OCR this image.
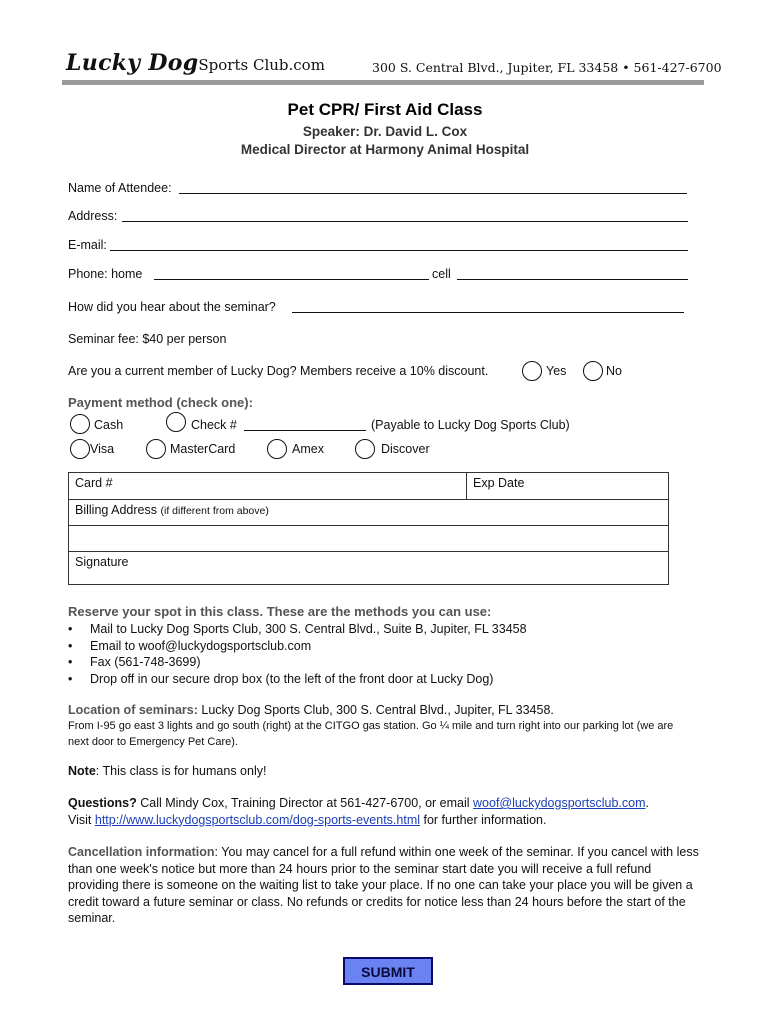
Lucky DogSports Club.com	300 S. Central Blvd., Jupiter, FL 33458 • 561-427-6700
Pet CPR/ First Aid Class
Speaker: Dr. David L. Cox
Medical Director at Harmony Animal Hospital
Name of Attendee:
Address:
E-mail:
Phone: home	cell
How did you hear about the seminar?
Seminar fee: $40 per person
Are you a current member of Lucky Dog? Members receive a 10% discount.	Yes	No
Payment method (check one):
Cash	Check #	(Payable to Lucky Dog Sports Club)
Visa	MasterCard	Amex	Discover
Card #	Exp Date
Billing Address (if different from above)

Signature
Reserve your spot in this class. These are the methods you can use:
• Mail to Lucky Dog Sports Club, 300 S. Central Blvd., Suite B, Jupiter, FL 33458
• Email to woof@luckydogsportsclub.com
• Fax (561-748-3699)
• Drop off in our secure drop box (to the left of the front door at Lucky Dog)
Location of seminars: Lucky Dog Sports Club, 300 S. Central Blvd., Jupiter, FL 33458.
From I-95 go east 3 lights and go south (right) at the CITGO gas station. Go ¼ mile and turn right into our parking lot (we are next door to Emergency Pet Care).
Note: This class is for humans only!
Questions? Call Mindy Cox, Training Director at 561-427-6700, or email woof@luckydogsportsclub.com.
Visit http://www.luckydogsportsclub.com/dog-sports-events.html for further information.
Cancellation information: You may cancel for a full refund within one week of the seminar. If you cancel with less than one week's notice but more than 24 hours prior to the seminar start date you will receive a full refund providing there is someone on the waiting list to take your place. If no one can take your place you will be given a credit toward a future seminar or class. No refunds or credits for notice less than 24 hours before the start of the seminar.
SUBMIT
